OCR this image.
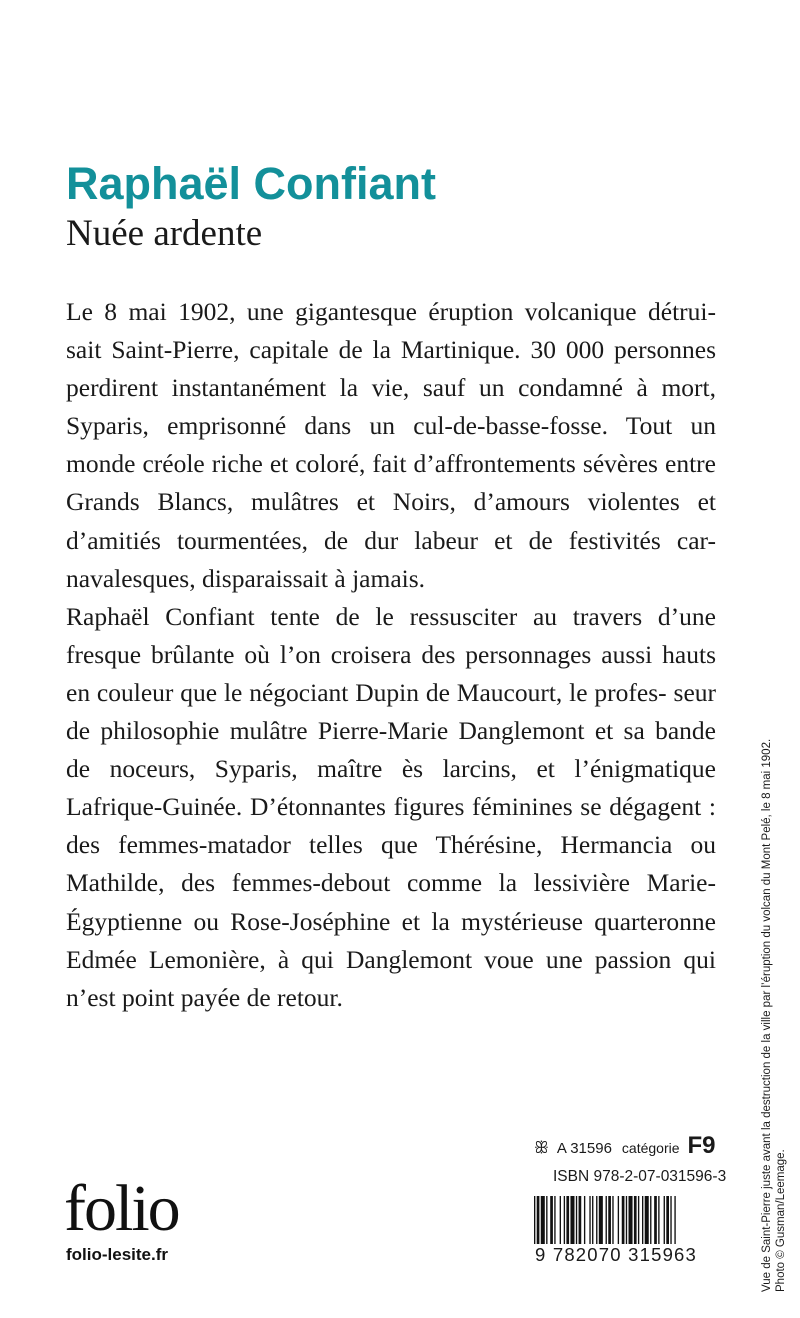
Raphaël Confiant
Nuée ardente

Le 8 mai 1902, une gigantesque éruption volcanique détrui- sait Saint-Pierre, capitale de la Martinique. 30 000 personnes perdirent instantanément la vie, sauf un condamné à mort, Syparis, emprisonné dans un cul-de-basse-fosse. Tout un monde créole riche et coloré, fait d’affrontements sévères entre Grands Blancs, mulâtres et Noirs, d’amours violentes et d’amitiés tourmentées, de dur labeur et de festivités car- navalesques, disparaissait à jamais.

Raphaël Confiant tente de le ressusciter au travers d’une fresque brûlante où l’on croisera des personnages aussi hauts en couleur que le négociant Dupin de Maucourt, le profes- seur de philosophie mulâtre Pierre-Marie Danglemont et sa bande de noceurs, Syparis, maître ès larcins, et l’énigmatique Lafrique-Guinée. D’étonnantes figures féminines se dégagent : des femmes-matador telles que Thérésine, Hermancia ou Mathilde, des femmes-debout comme la lessivière Marie- Égyptienne ou Rose-Joséphine et la mystérieuse quarteronne Edmée Lemonière, à qui Danglemont voue une passion qui n’est point payée de retour.	Vue de Saint-Pierre juste avant la destruction de la ville par l’éruption du volcan du Mont Pelé, le 8 mai 1902. Photo © Gusman/Leemage.
ꕥ A 31596 catégorie F9
ISBN 978-2-07-031596-3
folio
folio-lesite.fr	9 782070 315963
